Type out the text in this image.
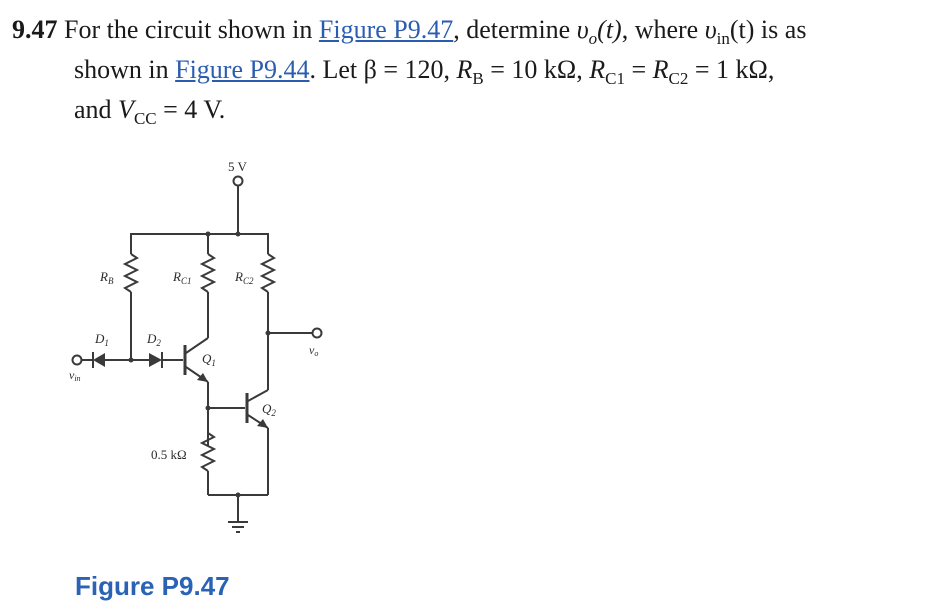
9.47 For the circuit shown in Figure P9.47, determine $\upsilon_o(t)$, where $\upsilon_{in}(t)$ is as
shown in Figure P9.44. Let β = 120, $R_B = 10$ kΩ, $R_{C1} = R_{C2} = 1$ kΩ,
and $V_{CC} = 4$ V.
5 V
$R_B$	$R_{C1}$	$R_{C2}$
vo
$D_1$
vin
$D_2$
$Q_1$
$Q_2$
0.5 kΩ
Figure P9.47
